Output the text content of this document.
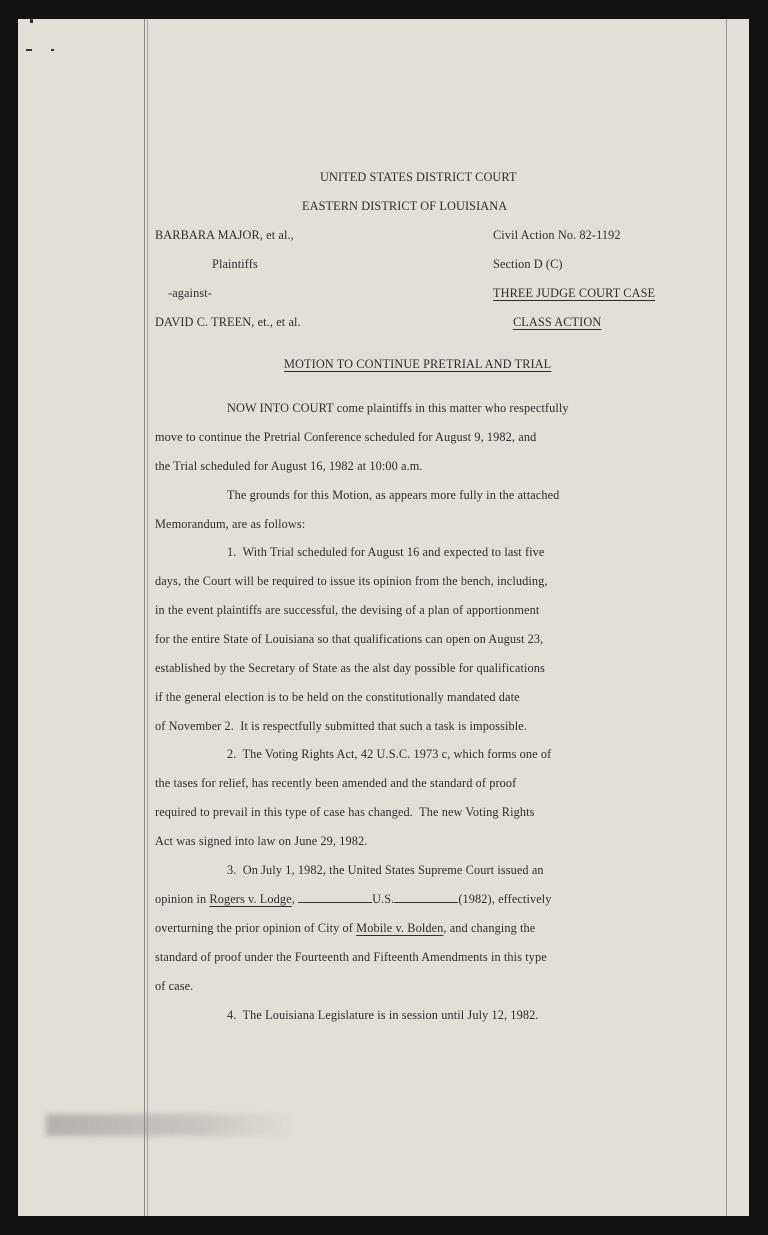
UNITED STATES DISTRICT COURT
EASTERN DISTRICT OF LOUISIANA
BARBARA MAJOR, et al.,	Civil Action No. 82-1192
Plaintiffs	Section D (C)
-against-	THREE JUDGE COURT CASE
DAVID C. TREEN, et., et al.	CLASS ACTION
MOTION TO CONTINUE PRETRIAL AND TRIAL
NOW INTO COURT come plaintiffs in this matter who respectfully
move to continue the Pretrial Conference scheduled for August 9, 1982, and
the Trial scheduled for August 16, 1982 at 10:00 a.m.
The grounds for this Motion, as appears more fully in the attached
Memorandum, are as follows:
1.  With Trial scheduled for August 16 and expected to last five
days, the Court will be required to issue its opinion from the bench, including,
in the event plaintiffs are successful, the devising of a plan of apportionment
for the entire State of Louisiana so that qualifications can open on August 23,
established by the Secretary of State as the alst day possible for qualifications
if the general election is to be held on the constitutionally mandated date
of November 2.  It is respectfully submitted that such a task is impossible.
2.  The Voting Rights Act, 42 U.S.C. 1973 c, which forms one of
the tases for relief, has recently been amended and the standard of proof
required to prevail in this type of case has changed.  The new Voting Rights
Act was signed into law on June 29, 1982.
3.  On July 1, 1982, the United States Supreme Court issued an
opinion in Rogers v. Lodge,	U.S.	(1982), effectively
overturning the prior opinion of City of Mobile v. Bolden, and changing the
standard of proof under the Fourteenth and Fifteenth Amendments in this type
of case.
4.  The Louisiana Legislature is in session until July 12, 1982.
